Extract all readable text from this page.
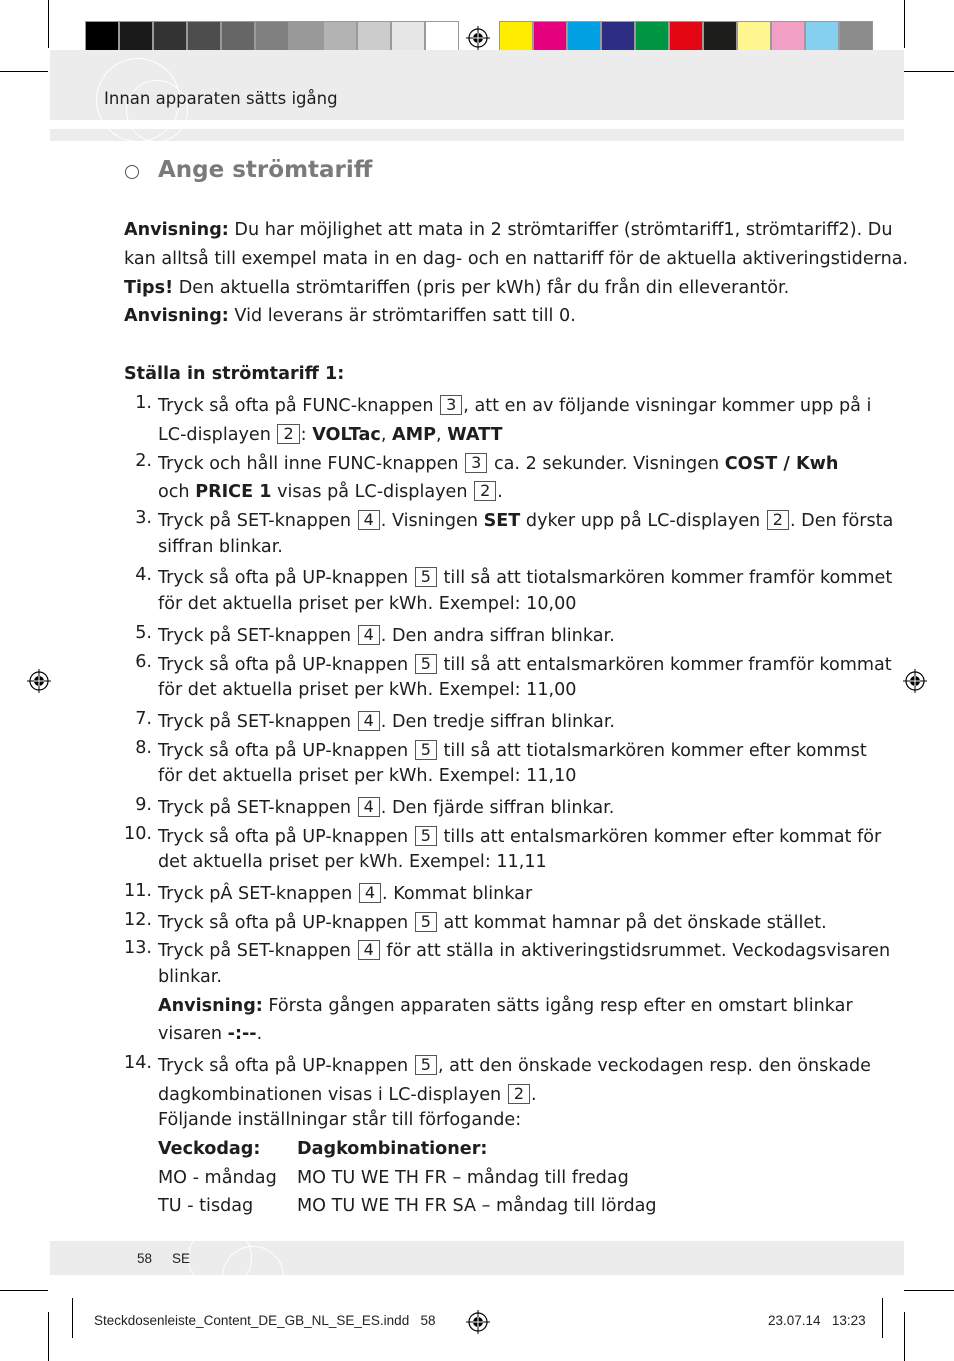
Innan apparaten sätts igång
Ange strömtariff
Anvisning: Du har möjlighet att mata in 2 strömtariffer (strömtariff1, strömtariff2). Du
kan alltså till exempel mata in en dag- och en nattariff för de aktuella aktiveringstiderna.
Tips! Den aktuella strömtariffen (pris per kWh) får du från din elleverantör.
Anvisning: Vid leverans är strömtariffen satt till 0.
Ställa in strömtariff 1:
1. Tryck så ofta på FUNC-knappen 3 , att en av följande visningar kommer upp på i
LC-displayen 2 : VOLTac, AMP, WATT
2. Tryck och håll inne FUNC-knappen 3 ca. 2 sekunder. Visningen COST / Kwh
och PRICE 1 visas på LC-displayen 2 .
3. Tryck på SET-knappen 4 . Visningen SET dyker upp på LC-displayen 2 . Den första
siffran blinkar.
4. Tryck så ofta på UP-knappen 5 till så att tiotalsmarkören kommer framför kommet
för det aktuella priset per kWh. Exempel: 10,00
5. Tryck på SET-knappen 4 . Den andra siffran blinkar.
6. Tryck så ofta på UP-knappen 5 till så att entalsmarkören kommer framför kommat
för det aktuella priset per kWh. Exempel: 11,00
7. Tryck på SET-knappen 4 . Den tredje siffran blinkar.
8. Tryck så ofta på UP-knappen 5 till så att tiotalsmarkören kommer efter kommst
för det aktuella priset per kWh. Exempel: 11,10
9. Tryck på SET-knappen 4 . Den fjärde siffran blinkar.
10. Tryck så ofta på UP-knappen 5 tills att entalsmarkören kommer efter kommat för
det aktuella priset per kWh. Exempel: 11,11
11. Tryck pÂ SET-knappen 4 . Kommat blinkar
12. Tryck så ofta på UP-knappen 5 att kommat hamnar på det önskade stället.
13. Tryck på SET-knappen 4 för att ställa in aktiveringstidsrummet. Veckodagsvisaren
blinkar.
Anvisning: Första gången apparaten sätts igång resp efter en omstart blinkar
visaren -:--.
14. Tryck så ofta på UP-knappen 5 , att den önskade veckodagen resp. den önskade
dagkombinationen visas i LC-displayen 2 .
Följande inställningar står till förfogande:
Veckodag: Dagkombinationer:
MO - måndag MO TU WE TH FR – måndag till fredag
TU - tisdag MO TU WE TH FR SA – måndag till lördag
58 SE
Steckdosenleiste_Content_DE_GB_NL_SE_ES.indd 58	23.07.14 13:23
